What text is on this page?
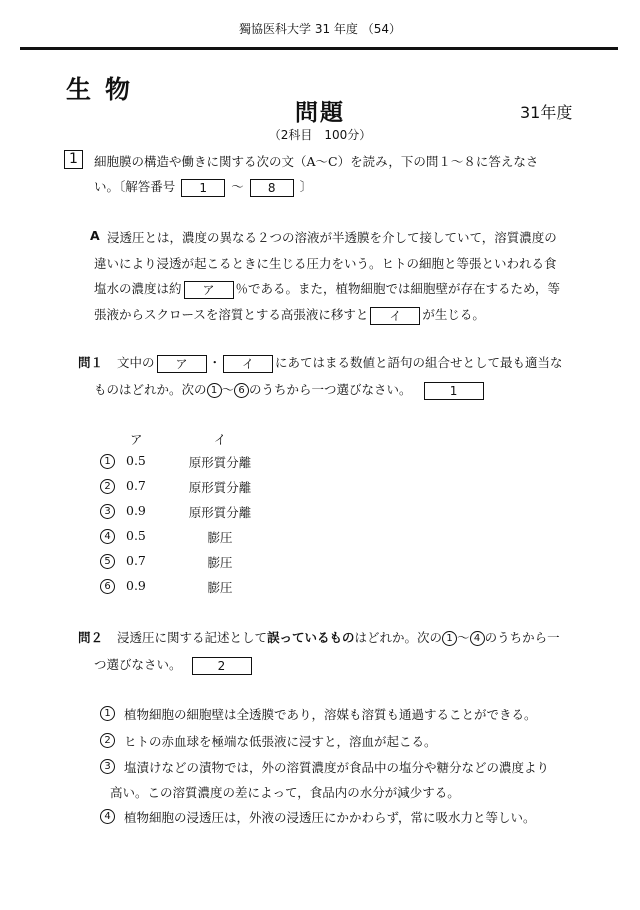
獨協医科大学 31 年度 （54）
生物
問題	31年度
（2科目　100分）
1	細胞膜の構造や働きに関する次の文（A～C）を読み，下の問１～８に答えなさ
い。〔解答番号 1 ～ 8 〕
A 浸透圧とは，濃度の異なる２つの溶液が半透膜を介して接していて，溶質濃度の
違いにより浸透が起こるときに生じる圧力をいう。ヒトの細胞と等張といわれる食
塩水の濃度は約 ア ％である。また，植物細胞では細胞壁が存在するため，等
張液からスクロースを溶質とする高張液に移すと イ が生じる。
問１ 文中の ア ・ イ にあてはまる数値と語句の組合せとして最も適当な
ものはどれか。次の 1 ～ 6 のうちから一つ選びなさい。	1
ア	イ
1	0.5	原形質分離
2	0.7	原形質分離
3	0.9	原形質分離
4	0.5	膨圧
5	0.7	膨圧
6	0.9	膨圧
問２ 浸透圧に関する記述として誤っているものはどれか。次の 1 ～ 4 のうちから一
つ選びなさい。	2
1	植物細胞の細胞壁は全透膜であり，溶媒も溶質も通過することができる。
2	ヒトの赤血球を極端な低張液に浸すと，溶血が起こる。
3	塩漬けなどの漬物では，外の溶質濃度が食品中の塩分や糖分などの濃度より
高い。この溶質濃度の差によって，食品内の水分が減少する。
4	植物細胞の浸透圧は，外液の浸透圧にかかわらず，常に吸水力と等しい。
